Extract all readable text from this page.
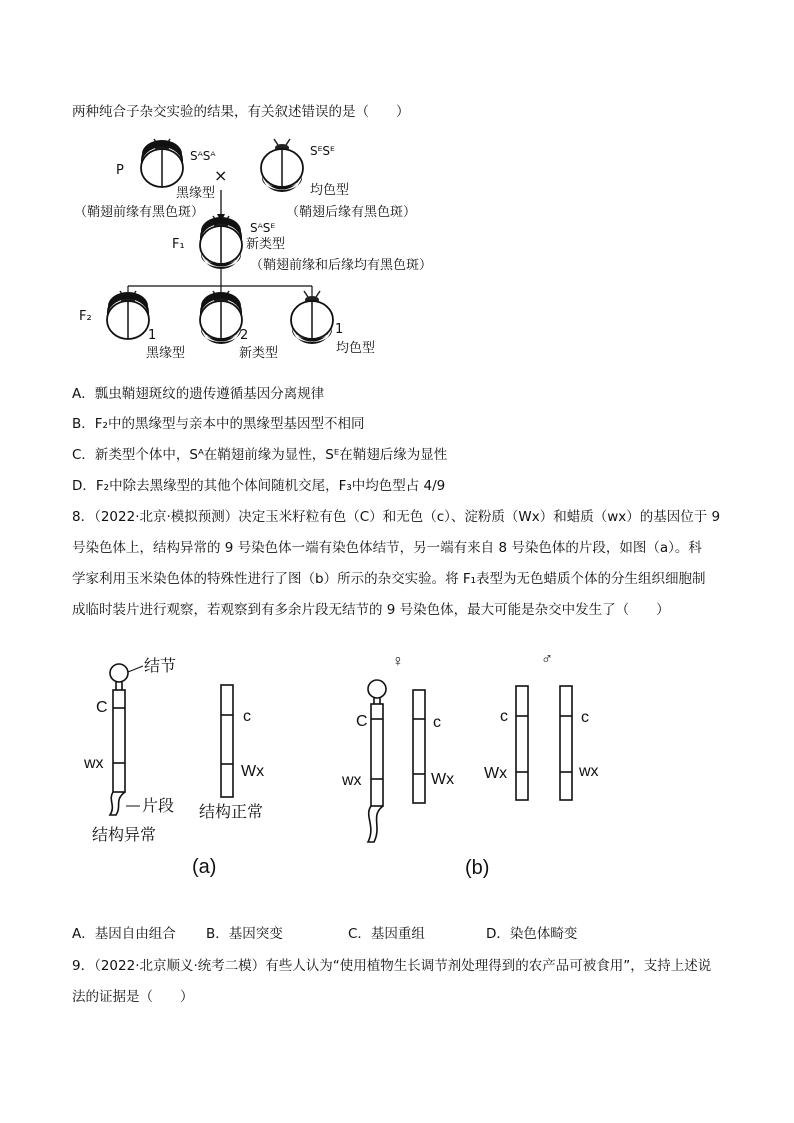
两种纯合子杂交实验的结果，有关叙述错误的是（　　）
P
SᴬSᴬ
×
SᴱSᴱ
黑缘型	均色型
（鞘翅前缘有黑色斑）	（鞘翅后缘有黑色斑）
SᴬSᴱ
F₁	新类型
（鞘翅前缘和后缘均有黑色斑）
F₂
1	2	1
黑缘型	新类型	均色型
A．瓢虫鞘翅斑纹的遗传遵循基因分离规律
B．F₂中的黑缘型与亲本中的黑缘型基因型不相同
C．新类型个体中，Sᴬ在鞘翅前缘为显性，Sᴱ在鞘翅后缘为显性
D．F₂中除去黑缘型的其他个体间随机交尾，F₃中均色型占 4/9
8．（2022·北京·模拟预测）决定玉米籽粒有色（C）和无色（c）、淀粉质（Wx）和蜡质（wx）的基因位于 9
号染色体上，结构异常的 9 号染色体一端有染色体结节，另一端有来自 8 号染色体的片段，如图（a）。科
学家利用玉米染色体的特殊性进行了图（b）所示的杂交实验。将 F₁表型为无色蜡质个体的分生组织细胞制
成临时装片进行观察，若观察到有多余片段无结节的 9 号染色体，最大可能是杂交中发生了（　　）
结节
C
wx
片段
结构异常
c
Wx
结构正常
(a)
♀
C
wx
c
Wx
(b)
♂
c
Wx
c
wx
A．基因自由组合 B．基因突变	C．基因重组	D．染色体畸变
9．（2022·北京顺义·统考二模）有些人认为“使用植物生长调节剂处理得到的农产品可被食用”，支持上述说
法的证据是（　　）
